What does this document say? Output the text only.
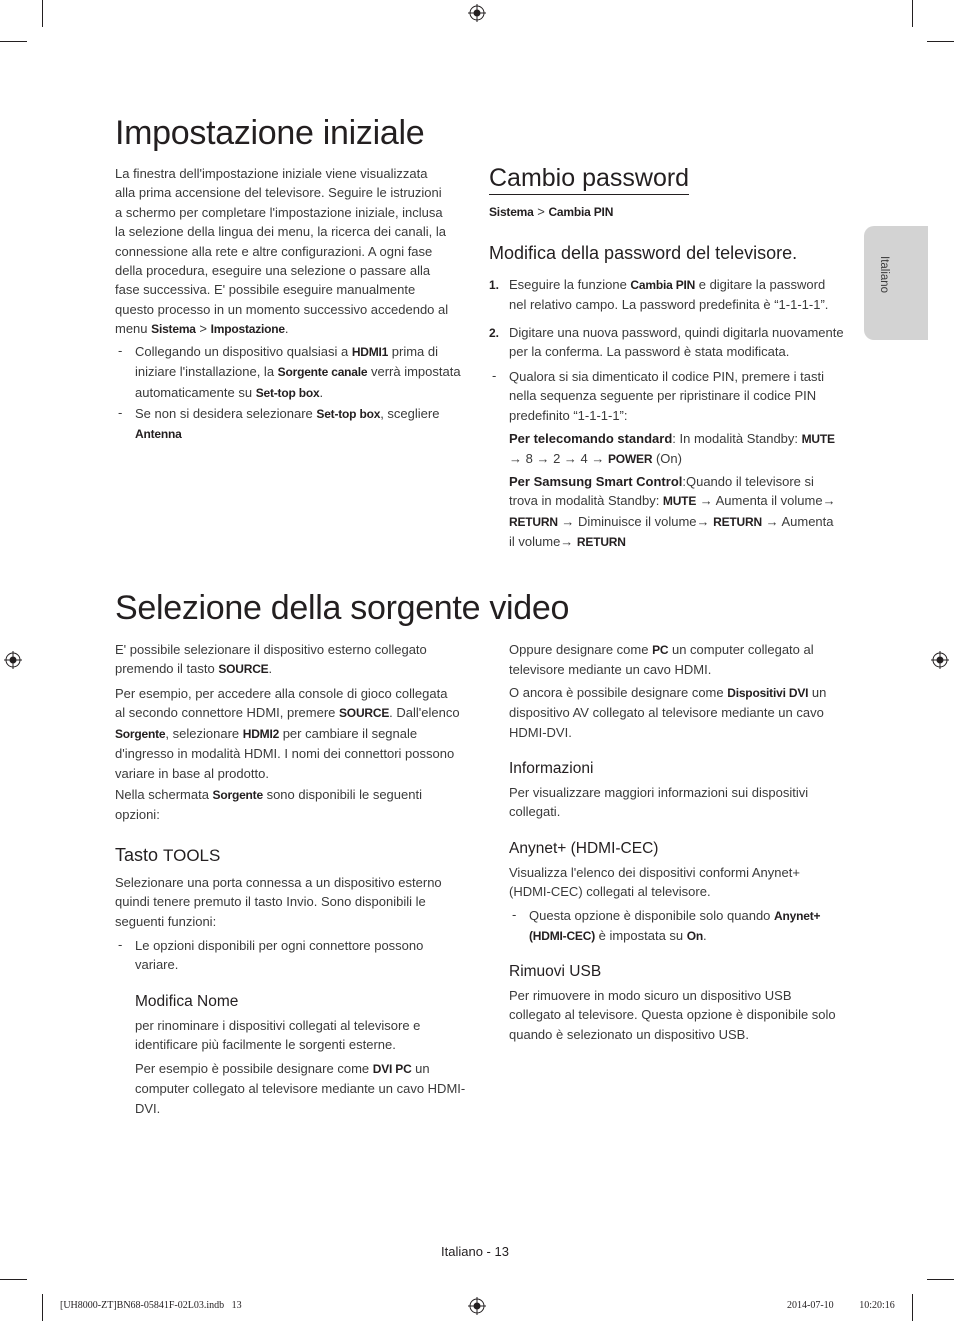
Italiano
Impostazione iniziale

La finestra dell'impostazione iniziale viene visualizzata alla prima accensione del televisore. Seguire le istruzioni a schermo per completare l'impostazione iniziale, inclusa la selezione della lingua dei menu, la ricerca dei canali, la connessione alla rete e altre configurazioni. A ogni fase della procedura, eseguire una selezione o passare alla fase successiva. E' possibile eseguire manualmente questo processo in un momento successivo accedendo al menu Sistema > Impostazione.

- Collegando un dispositivo qualsiasi a HDMI1 prima di iniziare l'installazione, la Sorgente canale verrà impostata automaticamente su Set-top box.

- Se non si desidera selezionare Set-top box, scegliere Antenna

Cambio password

Sistema > Cambia PIN

Modifica della password del televisore.
1. Eseguire la funzione Cambia PIN e digitare la password nel relativo campo. La password predefinita è “1-1-1-1”.

2. Digitare una nuova password, quindi digitarla nuovamente per la conferma. La password è stata modificata.

- Qualora si sia dimenticato il codice PIN, premere i tasti nella sequenza seguente per ripristinare il codice PIN predefinito “1-1-1-1”:

Per telecomando standard: In modalità Standby: MUTE → 8 → 2 → 4 → POWER (On)

Per Samsung Smart Control:Quando il televisore si trova in modalità Standby: MUTE → Aumenta il volume→ RETURN → Diminuisce il volume→ RETURN → Aumenta il volume→ RETURN

Selezione della sorgente video

E' possibile selezionare il dispositivo esterno collegato premendo il tasto SOURCE.

Per esempio, per accedere alla console di gioco collegata al secondo connettore HDMI, premere SOURCE. Dall'elenco Sorgente, selezionare HDMI2 per cambiare il segnale d'ingresso in modalità HDMI. I nomi dei connettori possono variare in base al prodotto.

Nella schermata Sorgente sono disponibili le seguenti opzioni:

Tasto TOOLS

Selezionare una porta connessa a un dispositivo esterno quindi tenere premuto il tasto Invio. Sono disponibili le seguenti funzioni:

- Le opzioni disponibili per ogni connettore possono variare.

Modifica Nome

per rinominare i dispositivi collegati al televisore e identificare più facilmente le sorgenti esterne.

Per esempio è possibile designare come DVI PC un computer collegato al televisore mediante un cavo HDMI-DVI.

Oppure designare come PC un computer collegato al televisore mediante un cavo HDMI.

O ancora è possibile designare come Dispositivi DVI un dispositivo AV collegato al televisore mediante un cavo HDMI-DVI.

Informazioni

Per visualizzare maggiori informazioni sui dispositivi collegati.

Anynet+ (HDMI-CEC)

Visualizza l'elenco dei dispositivi conformi Anynet+ (HDMI-CEC) collegati al televisore.

- Questa opzione è disponibile solo quando Anynet+ (HDMI-CEC) è impostata su On.

Rimuovi USB

Per rimuovere in modo sicuro un dispositivo USB collegato al televisore. Questa opzione è disponibile solo quando è selezionato un dispositivo USB.

Italiano - 13
[UH8000-ZT]BN68-05841F-02L03.indb   13	2014-07-10   ￿￿ 10:20:16
